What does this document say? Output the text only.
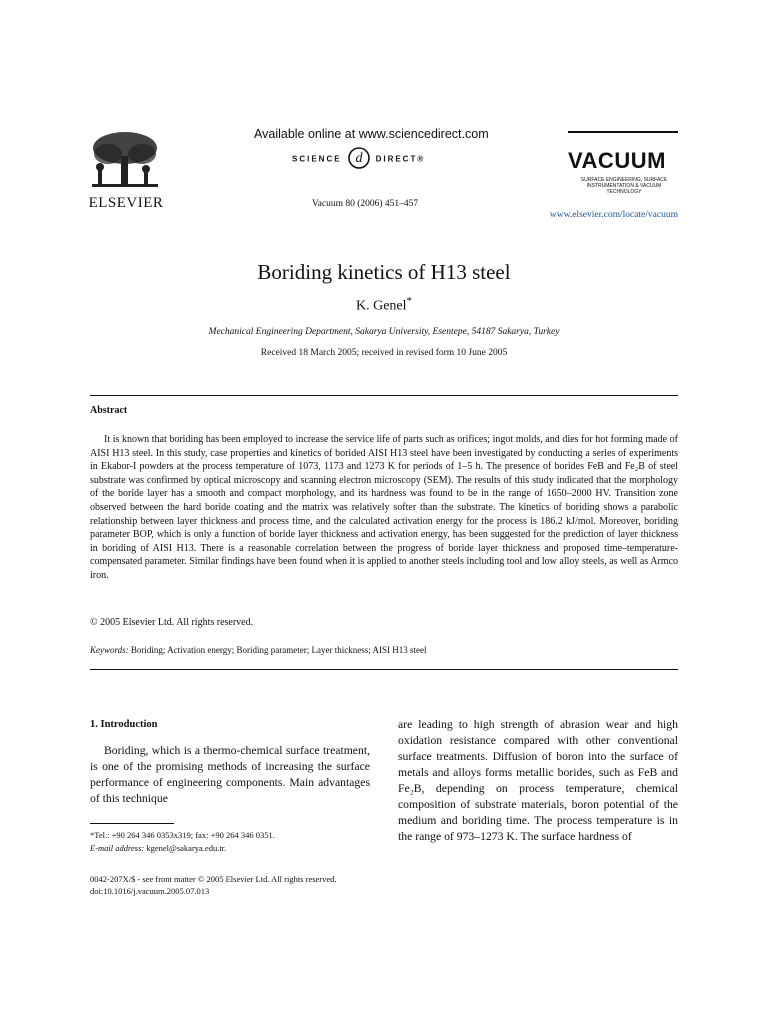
ELSEVIER
Available online at www.sciencedirect.com
SCIENCE d DIRECT®
Vacuum 80 (2006) 451–457
VACUUM
SURFACE ENGINEERING, SURFACE INSTRUMENTATION & VACUUM TECHNOLOGY
www.elsevier.com/locate/vacuum
Boriding kinetics of H13 steel
K. Genel*
Mechanical Engineering Department, Sakarya University, Esentepe, 54187 Sakarya, Turkey
Received 18 March 2005; received in revised form 10 June 2005
Abstract

It is known that boriding has been employed to increase the service life of parts such as orifices; ingot molds, and dies for hot forming made of AISI H13 steel. In this study, case properties and kinetics of borided AISI H13 steel have been investigated by conducting a series of experiments in Ekabor-I powders at the process temperature of 1073, 1173 and 1273 K for periods of 1–5 h. The presence of borides FeB and Fe₂B of steel substrate was confirmed by optical microscopy and scanning electron microscopy (SEM). The results of this study indicated that the morphology of the boride layer has a smooth and compact morphology, and its hardness was found to be in the range of 1650–2000 HV. Transition zone observed between the hard boride coating and the matrix was relatively softer than the substrate. The kinetics of boriding shows a parabolic relationship between layer thickness and process time, and the calculated activation energy for the process is 186.2 kJ/mol. Moreover, boriding parameter BOP, which is only a function of boride layer thickness and activation energy, has been suggested for the prediction of layer thickness in boriding of AISI H13. There is a reasonable correlation between the progress of boride layer thickness and proposed time–temperature-compensated parameter. Similar findings have been found when it is applied to another steels including tool and low alloy steels, as well as Armco iron.

© 2005 Elsevier Ltd. All rights reserved.
Keywords: Boriding; Activation energy; Boriding parameter; Layer thickness; AISI H13 steel
1. Introduction

Boriding, which is a thermo-chemical surface treatment, is one of the promising methods of increasing the surface performance of engineering components. Main advantages of this technique

are leading to high strength of abrasion wear and high oxidation resistance compared with other conventional surface treatments. Diffusion of boron into the surface of metals and alloys forms metallic borides, such as FeB and Fe₂B, depending on process temperature, chemical composition of substrate materials, boron potential of the medium and boriding time. The process temperature is in the range of 973–1273 K. The surface hardness of

*Tel.: +90 264 346 0353x319; fax: +90 264 346 0351.

E-mail address: kgenel@sakarya.edu.tr.

0042-207X/$ - see front matter © 2005 Elsevier Ltd. All rights reserved.
doi:10.1016/j.vacuum.2005.07.013
